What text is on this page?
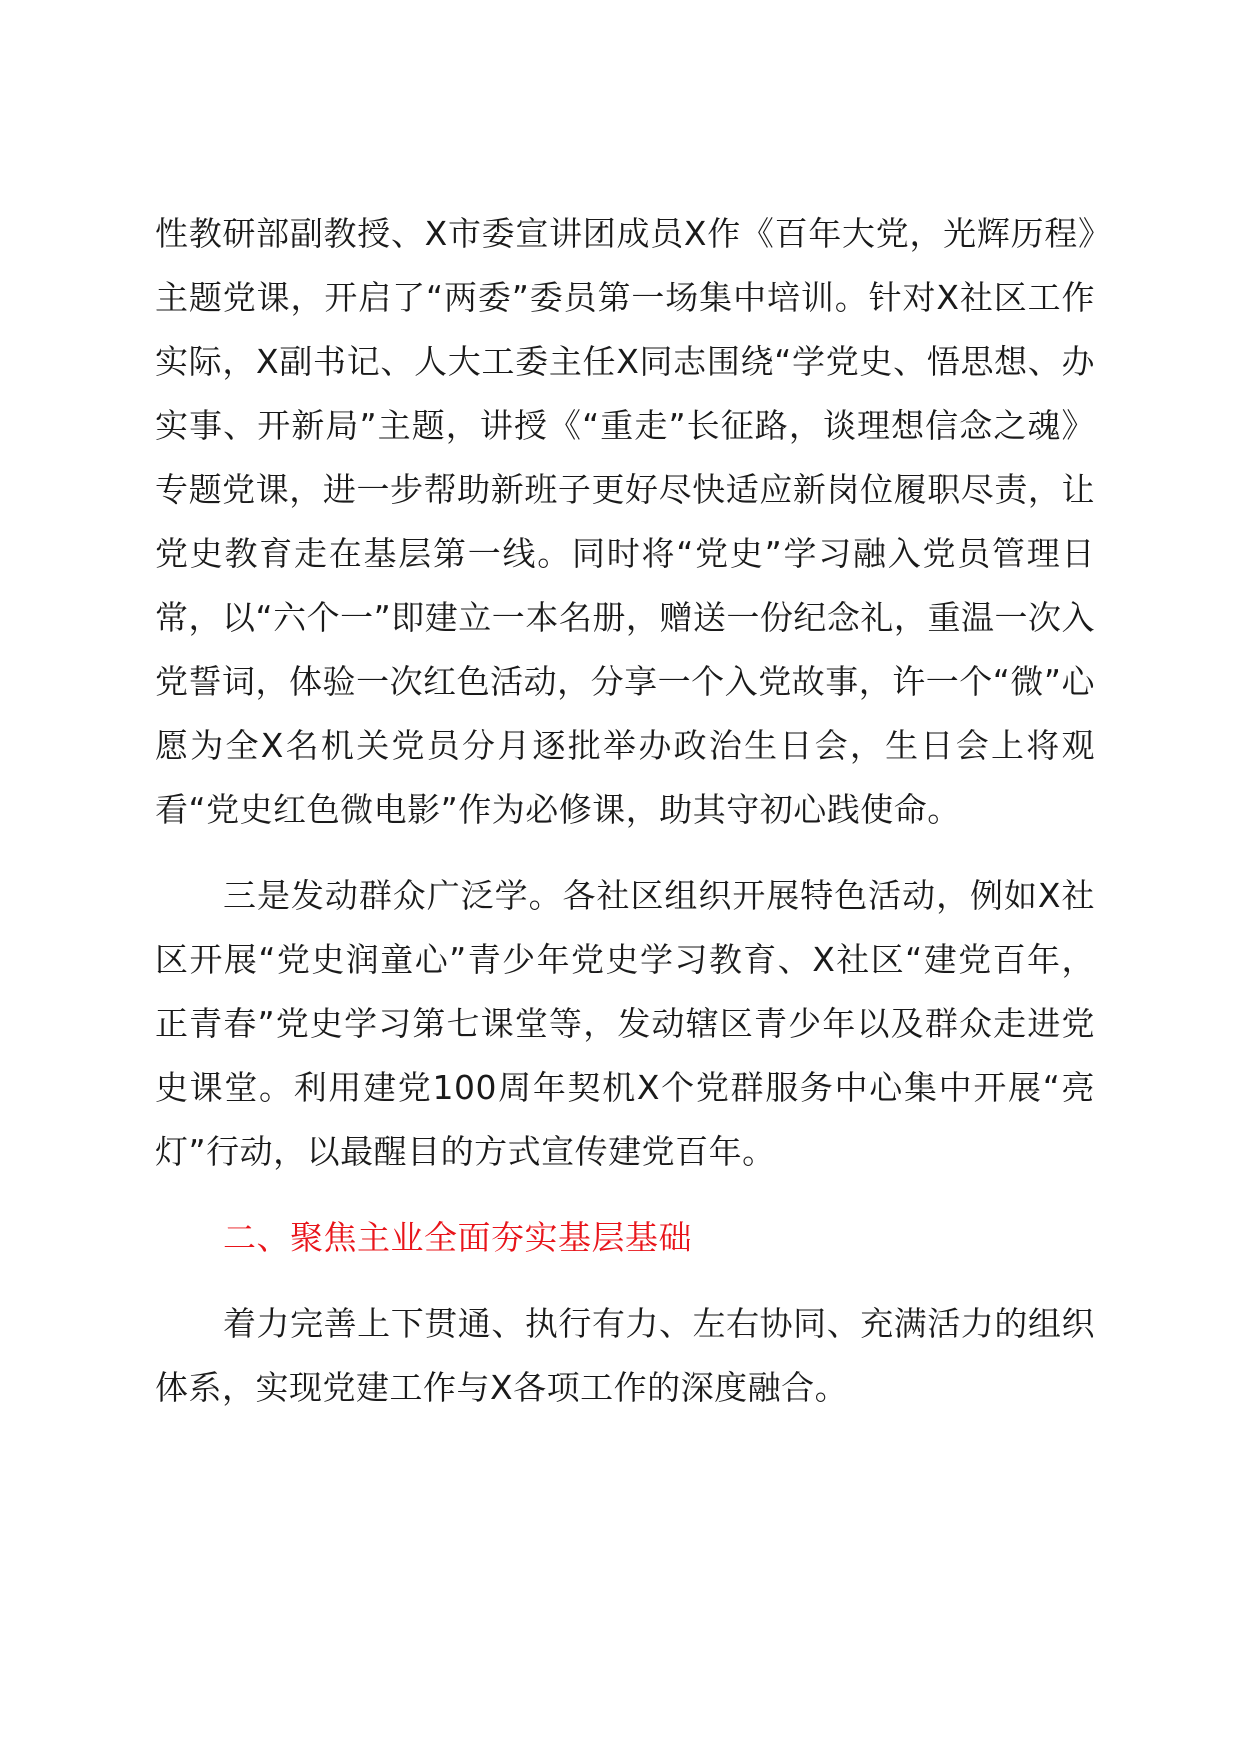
性教研部副教授、X市委宣讲团成员X作《百年大党，光辉历程》主题党课，开启了“两委”委员第一场集中培训。针对X社区工作实际，X副书记、人大工委主任X同志围绕“学党史、悟思想、办实事、开新局”主题，讲授《“重走”长征路，谈理想信念之魂》专题党课，进一步帮助新班子更好尽快适应新岗位履职尽责，让党史教育走在基层第一线。同时将“党史”学习融入党员管理日常，以“六个一”即建立一本名册，赠送一份纪念礼，重温一次入党誓词，体验一次红色活动，分享一个入党故事，许一个“微”心愿为全X名机关党员分月逐批举办政治生日会，生日会上将观看“党史红色微电影”作为必修课，助其守初心践使命。

三是发动群众广泛学。各社区组织开展特色活动，例如X社区开展“党史润童心”青少年党史学习教育、X社区“建党百年，正青春”党史学习第七课堂等，发动辖区青少年以及群众走进党史课堂。利用建党100周年契机X个党群服务中心集中开展“亮灯”行动，以最醒目的方式宣传建党百年。

二、聚焦主业全面夯实基层基础

着力完善上下贯通、执行有力、左右协同、充满活力的组织体系，实现党建工作与X各项工作的深度融合。
